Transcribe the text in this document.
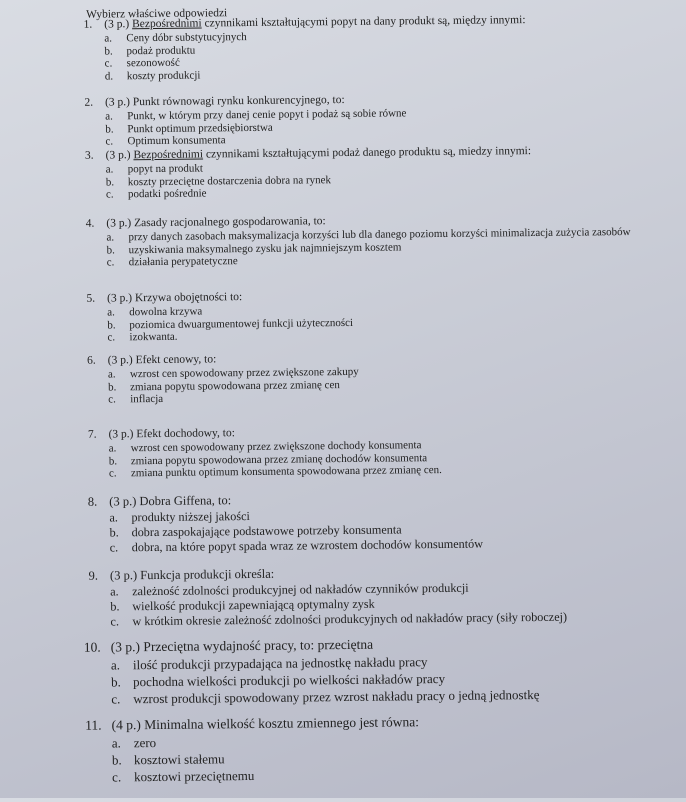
Wybierz właściwe odpowiedzi
1. (3 p.) Bezpośrednimi czynnikami kształtującymi popyt na dany produkt są, między innymi:
a.	Ceny dóbr substytucyjnych
b.	podaż produktu
c.	sezonowość
d.	koszty produkcji
2. (3 p.) Punkt równowagi rynku konkurencyjnego, to:
a.	Punkt, w którym przy danej cenie popyt i podaż są sobie równe
b.	Punkt optimum przedsiębiorstwa
c.	Optimum konsumenta
3. (3 p.) Bezpośrednimi czynnikami kształtującymi podaż danego produktu są, miedzy innymi:
a.	popyt na produkt
b.	koszty przeciętne dostarczenia dobra na rynek
c.	podatki pośrednie
4. (3 p.) Zasady racjonalnego gospodarowania, to:
a.	przy danych zasobach maksymalizacja korzyści lub dla danego poziomu korzyści minimalizacja zużycia zasobów
b.	uzyskiwania maksymalnego zysku jak najmniejszym kosztem
c.	działania perypatetyczne
5. (3 p.) Krzywa obojętności to:
a.	dowolna krzywa
b.	poziomica dwuargumentowej funkcji użyteczności
c.	izokwanta.
6. (3 p.) Efekt cenowy, to:
a.	wzrost cen spowodowany przez zwiększone zakupy
b.	zmiana popytu spowodowana przez zmianę cen
c.	inflacja
7. (3 p.) Efekt dochodowy, to:
a.	wzrost cen spowodowany przez zwiększone dochody konsumenta
b.	zmiana popytu spowodowana przez zmianę dochodów konsumenta
c.	zmiana punktu optimum konsumenta spowodowana przez zmianę cen.
8. (3 p.) Dobra Giffena, to:
a.	produkty niższej jakości
b.	dobra zaspokajające podstawowe potrzeby konsumenta
c.	dobra, na które popyt spada wraz ze wzrostem dochodów konsumentów
9. (3 p.) Funkcja produkcji określa:
a.	zależność zdolności produkcyjnej od nakładów czynników produkcji
b.	wielkość produkcji zapewniającą optymalny zysk
c.	w krótkim okresie zależność zdolności produkcyjnych od nakładów pracy (siły roboczej)
10. (3 p.) Przeciętna wydajność pracy, to: przeciętna
a. ilość produkcji przypadająca na jednostkę nakładu pracy
b. pochodna wielkości produkcji po wielkości nakładów pracy
c. wzrost produkcji spowodowany przez wzrost nakładu pracy o jedną jednostkę
11. (4 p.) Minimalna wielkość kosztu zmiennego jest równa:
a. zero
b. kosztowi stałemu
c. kosztowi przeciętnemu
